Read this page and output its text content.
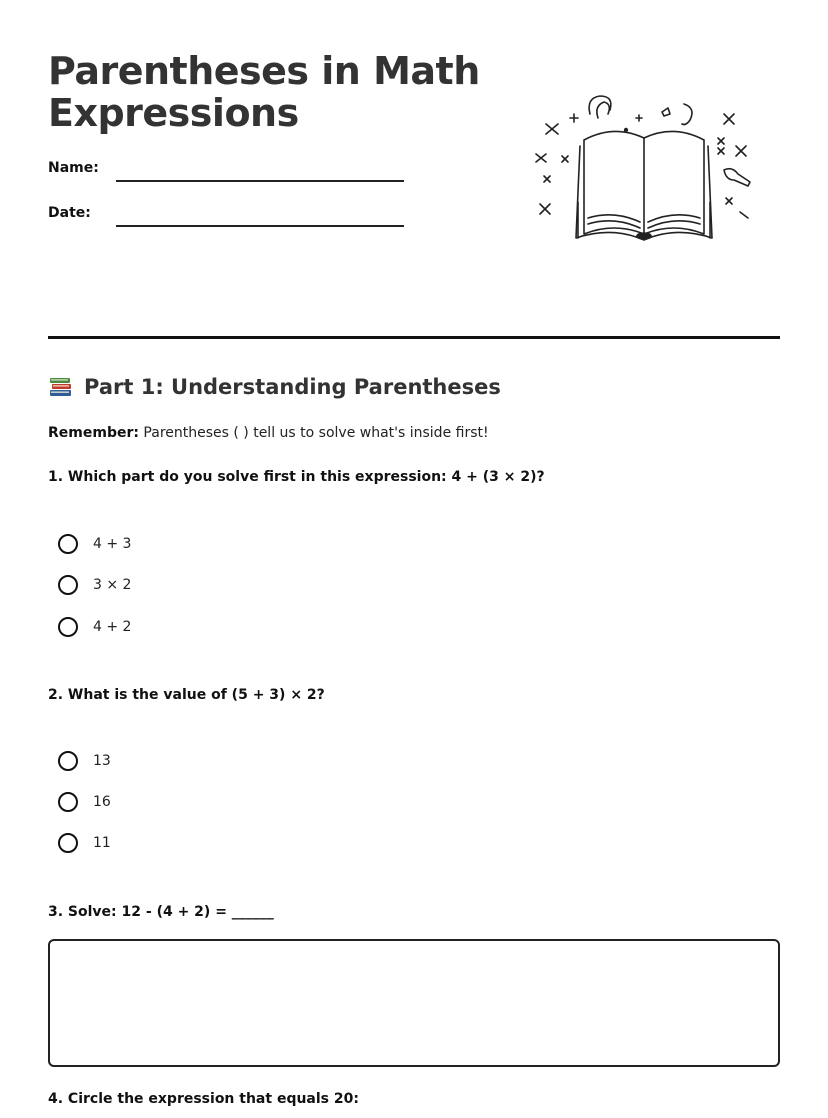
Parentheses in Math Expressions
Name:
Date:
Part 1: Understanding Parentheses
Remember: Parentheses ( ) tell us to solve what's inside first!
1. Which part do you solve first in this expression: 4 + (3 × 2)?
4 + 3
3 × 2
4 + 2
2. What is the value of (5 + 3) × 2?
13
16
11
3. Solve: 12 - (4 + 2) = ______
4. Circle the expression that equals 20:
